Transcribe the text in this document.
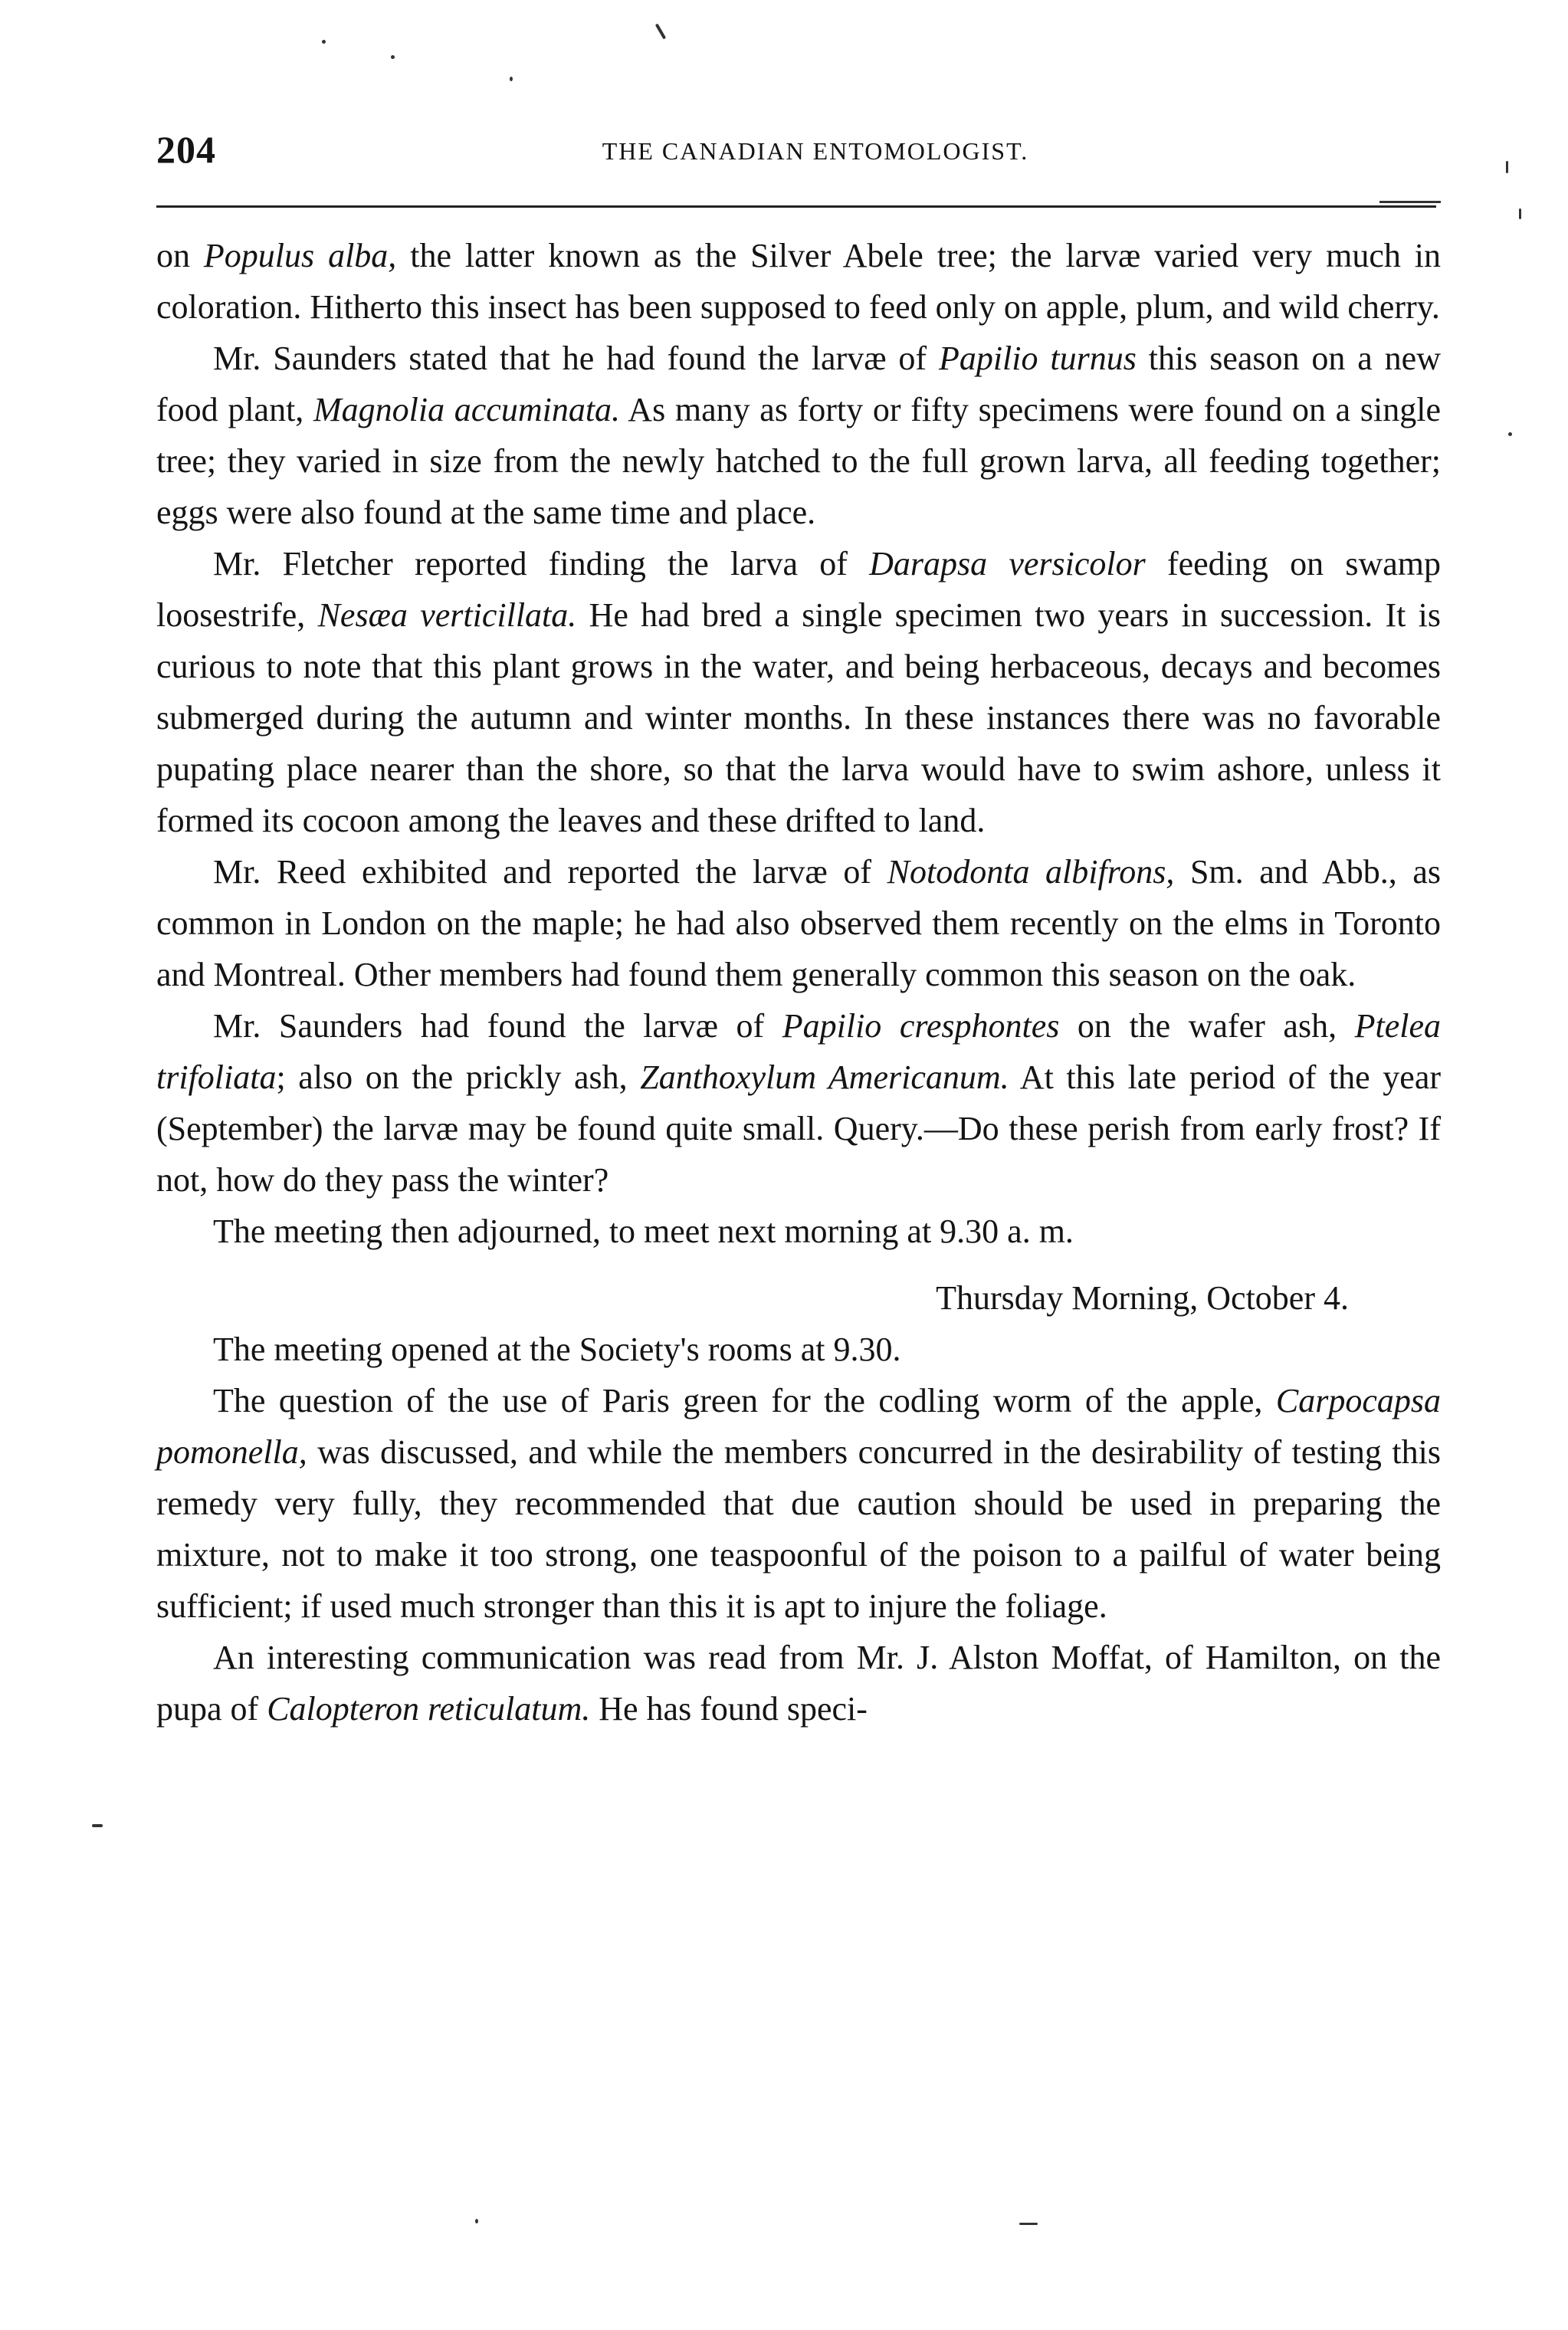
204	THE CANADIAN ENTOMOLOGIST.

on Populus alba, the latter known as the Silver Abele tree; the larvæ varied very much in coloration. Hitherto this insect has been supposed to feed only on apple, plum, and wild cherry.

Mr. Saunders stated that he had found the larvæ of Papilio turnus this season on a new food plant, Magnolia accuminata. As many as forty or fifty specimens were found on a single tree; they varied in size from the newly hatched to the full grown larva, all feeding together; eggs were also found at the same time and place.

Mr. Fletcher reported finding the larva of Darapsa versicolor feeding on swamp loosestrife, Nesæa verticillata. He had bred a single specimen two years in succession. It is curious to note that this plant grows in the water, and being herbaceous, decays and becomes submerged during the autumn and winter months. In these instances there was no favorable pupating place nearer than the shore, so that the larva would have to swim ashore, unless it formed its cocoon among the leaves and these drifted to land.

Mr. Reed exhibited and reported the larvæ of Notodonta albifrons, Sm. and Abb., as common in London on the maple; he had also observed them recently on the elms in Toronto and Montreal. Other members had found them generally common this season on the oak.

Mr. Saunders had found the larvæ of Papilio cresphontes on the wafer ash, Ptelea trifoliata; also on the prickly ash, Zanthoxylum Americanum. At this late period of the year (September) the larvæ may be found quite small. Query.—Do these perish from early frost? If not, how do they pass the winter?

The meeting then adjourned, to meet next morning at 9.30 a. m.

Thursday Morning, October 4.

The meeting opened at the Society's rooms at 9.30.

The question of the use of Paris green for the codling worm of the apple, Carpocapsa pomonella, was discussed, and while the members concurred in the desirability of testing this remedy very fully, they recommended that due caution should be used in preparing the mixture, not to make it too strong, one teaspoonful of the poison to a pailful of water being sufficient; if used much stronger than this it is apt to injure the foliage.

An interesting communication was read from Mr. J. Alston Moffat, of Hamilton, on the pupa of Calopteron reticulatum. He has found speci-
